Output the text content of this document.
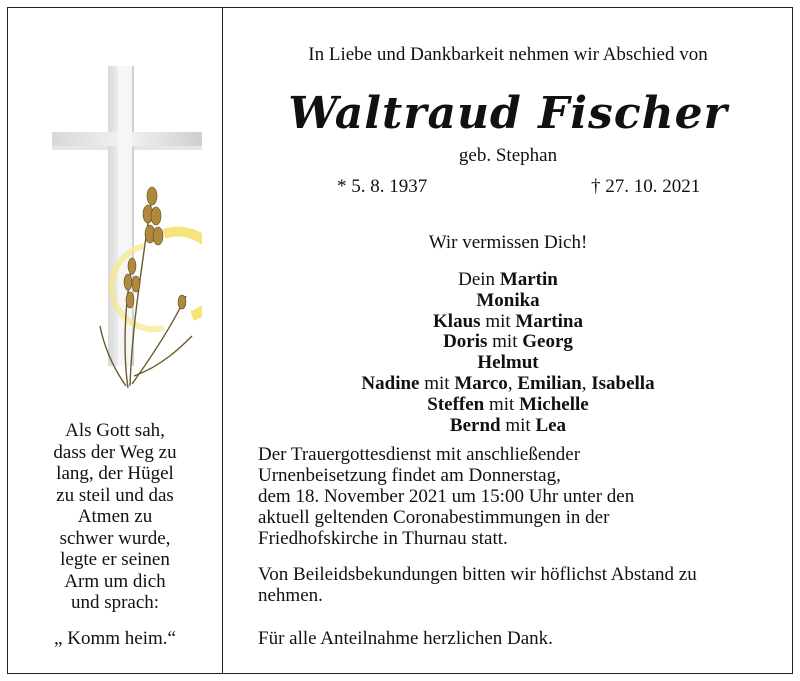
Als Gott sah,
dass der Weg zu
lang, der Hügel
zu steil und das
Atmen zu
schwer wurde,
legte er seinen
Arm um dich
und sprach:
„ Komm heim.“
In Liebe und Dankbarkeit nehmen wir Abschied von
Waltraud Fischer
geb. Stephan
* 5. 8. 1937	† 27. 10. 2021
Wir vermissen Dich!
Dein Martin
Monika
Klaus mit Martina
Doris mit Georg
Helmut
Nadine mit Marco, Emilian, Isabella
Steffen mit Michelle
Bernd mit Lea
Der Trauergottesdienst mit anschließender
Urnenbeisetzung findet am Donnerstag,
dem 18. November 2021 um 15:00 Uhr unter den
aktuell geltenden Coronabestimmungen in der
Friedhofskirche in Thurnau statt.
Von Beileidsbekundungen bitten wir höflichst Abstand zu
nehmen.
Für alle Anteilnahme herzlichen Dank.
